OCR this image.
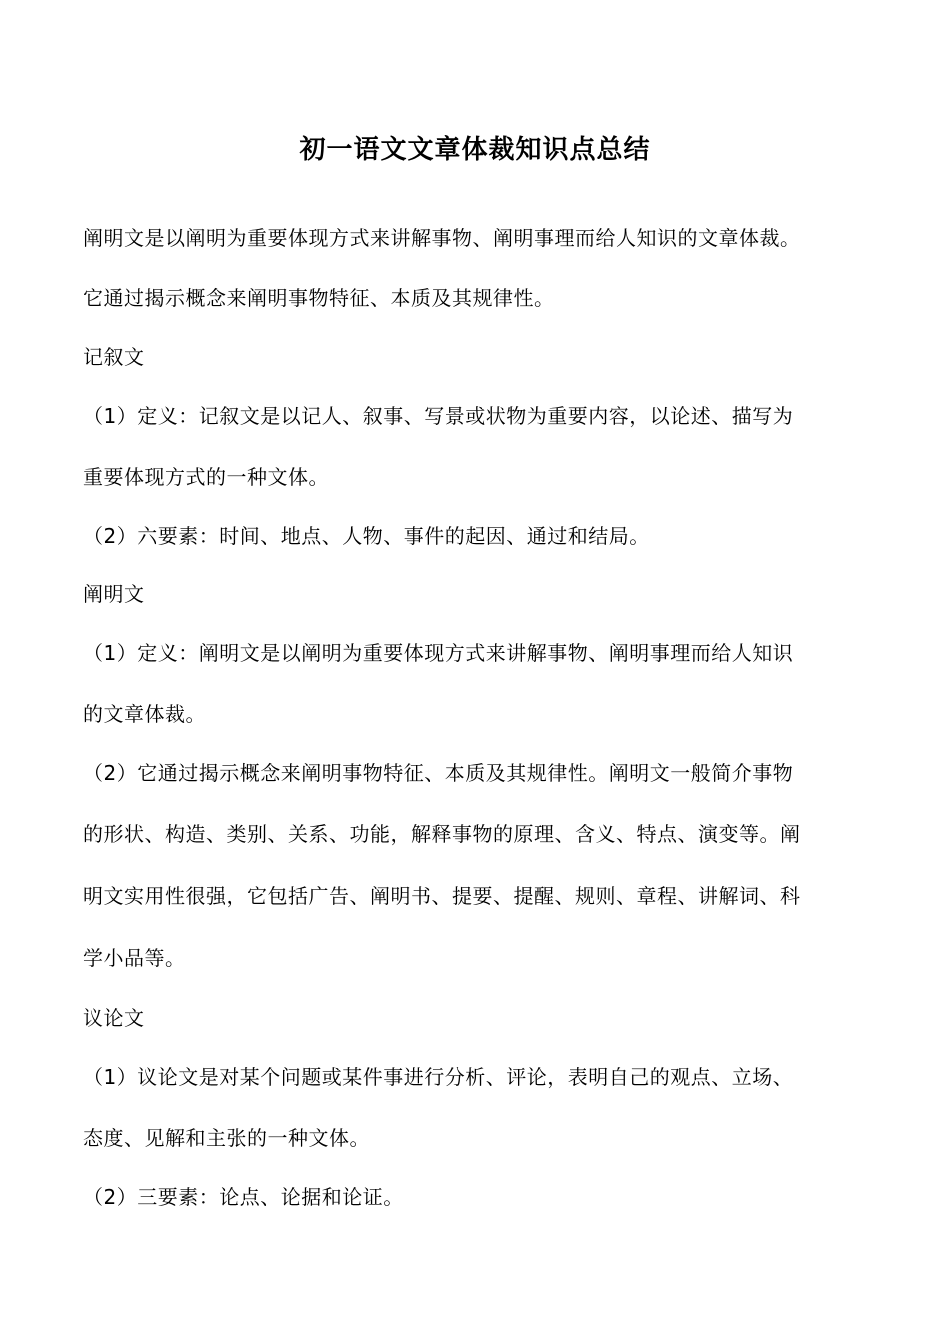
初一语文文章体裁知识点总结
阐明文是以阐明为重要体现方式来讲解事物、阐明事理而给人知识的文章体裁。
它通过揭示概念来阐明事物特征、本质及其规律性。
记叙文
（1）定义：记叙文是以记人、叙事、写景或状物为重要内容，以论述、描写为
重要体现方式的一种文体。
（2）六要素：时间、地点、人物、事件的起因、通过和结局。
阐明文
（1）定义：阐明文是以阐明为重要体现方式来讲解事物、阐明事理而给人知识
的文章体裁。
（2）它通过揭示概念来阐明事物特征、本质及其规律性。阐明文一般简介事物
的形状、构造、类别、关系、功能，解释事物的原理、含义、特点、演变等。阐
明文实用性很强，它包括广告、阐明书、提要、提醒、规则、章程、讲解词、科
学小品等。
议论文
（1）议论文是对某个问题或某件事进行分析、评论，表明自己的观点、立场、
态度、见解和主张的一种文体。
（2）三要素：论点、论据和论证。
